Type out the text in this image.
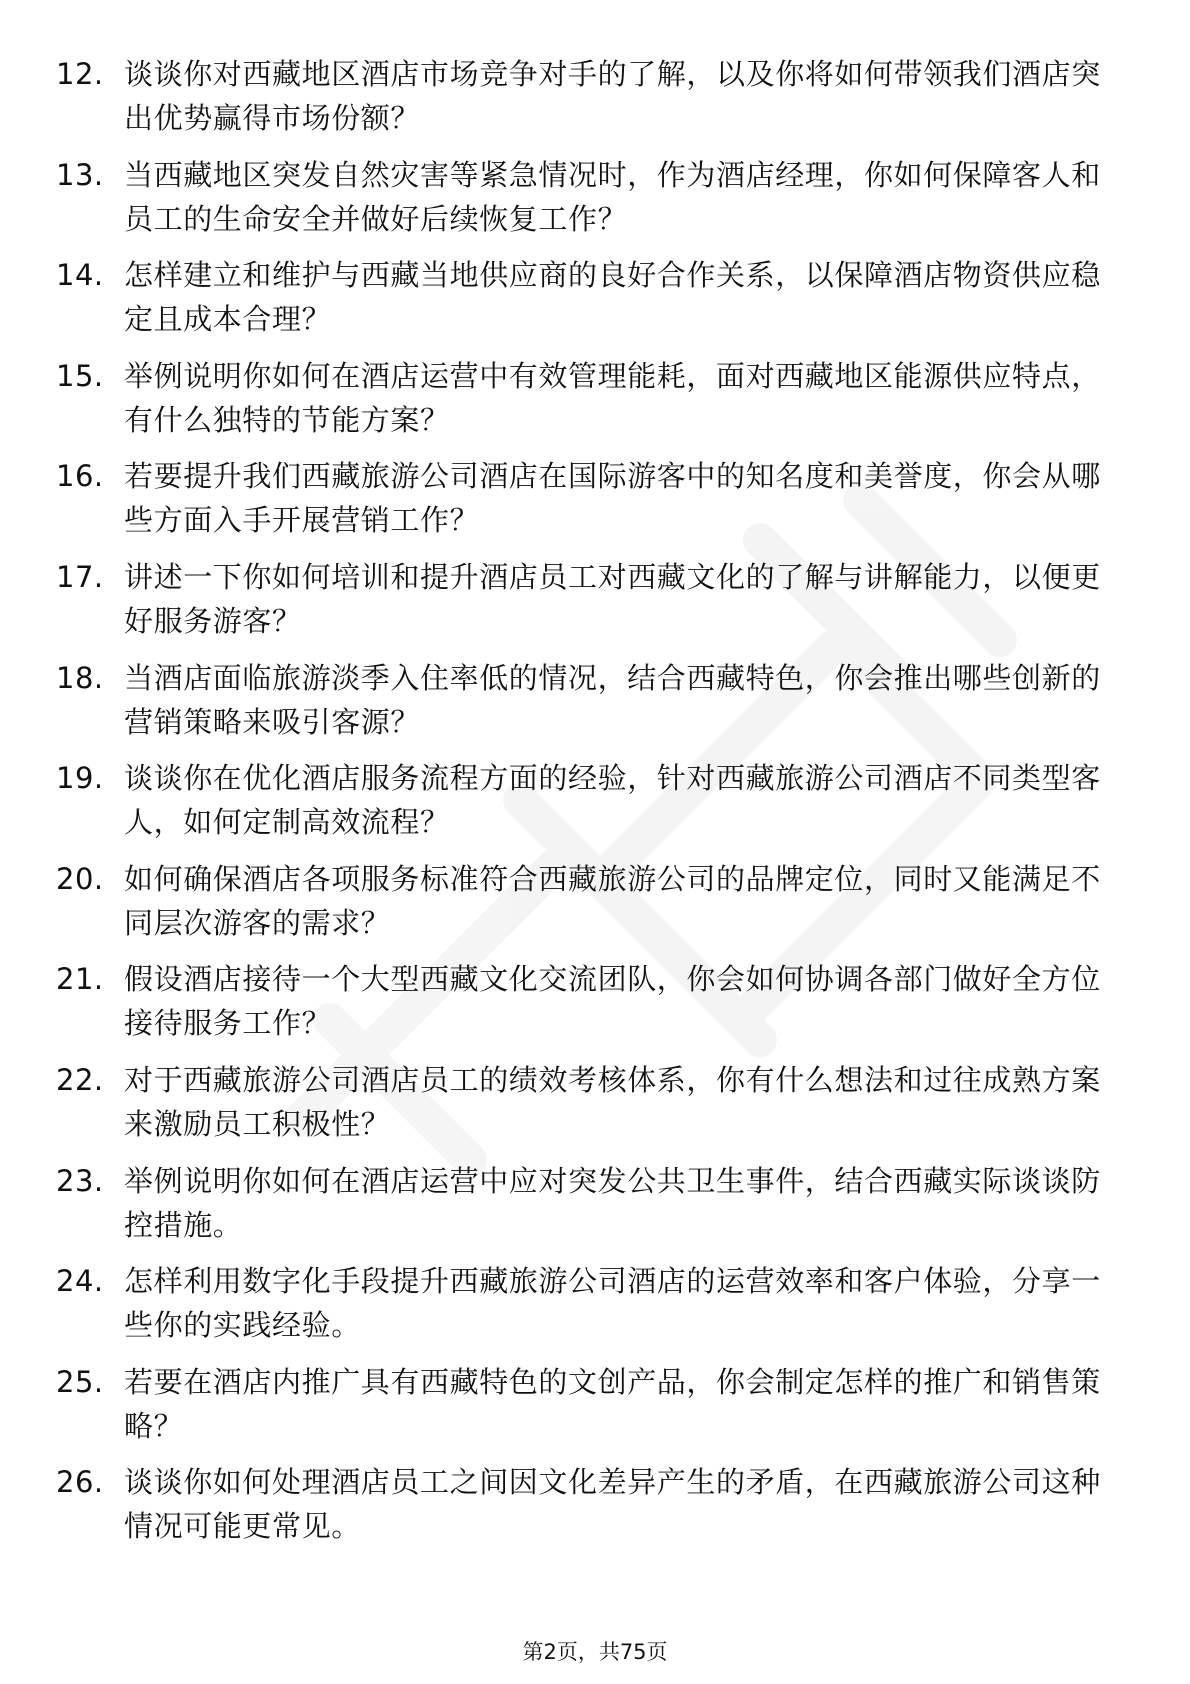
12. 谈谈你对西藏地区酒店市场竞争对手的了解，以及你将如何带领我们酒店突出优势赢得市场份额？
13. 当西藏地区突发自然灾害等紧急情况时，作为酒店经理，你如何保障客人和员工的生命安全并做好后续恢复工作？
14. 怎样建立和维护与西藏当地供应商的良好合作关系，以保障酒店物资供应稳定且成本合理？
15. 举例说明你如何在酒店运营中有效管理能耗，面对西藏地区能源供应特点，有什么独特的节能方案？
16. 若要提升我们西藏旅游公司酒店在国际游客中的知名度和美誉度，你会从哪些方面入手开展营销工作？
17. 讲述一下你如何培训和提升酒店员工对西藏文化的了解与讲解能力，以便更好服务游客？
18. 当酒店面临旅游淡季入住率低的情况，结合西藏特色，你会推出哪些创新的营销策略来吸引客源？
19. 谈谈你在优化酒店服务流程方面的经验，针对西藏旅游公司酒店不同类型客人，如何定制高效流程？
20. 如何确保酒店各项服务标准符合西藏旅游公司的品牌定位，同时又能满足不同层次游客的需求？
21. 假设酒店接待一个大型西藏文化交流团队，你会如何协调各部门做好全方位接待服务工作？
22. 对于西藏旅游公司酒店员工的绩效考核体系，你有什么想法和过往成熟方案来激励员工积极性？
23. 举例说明你如何在酒店运营中应对突发公共卫生事件，结合西藏实际谈谈防控措施。
24. 怎样利用数字化手段提升西藏旅游公司酒店的运营效率和客户体验，分享一些你的实践经验。
25. 若要在酒店内推广具有西藏特色的文创产品，你会制定怎样的推广和销售策略？
26. 谈谈你如何处理酒店员工之间因文化差异产生的矛盾，在西藏旅游公司这种情况可能更常见。
第2页，共75页
